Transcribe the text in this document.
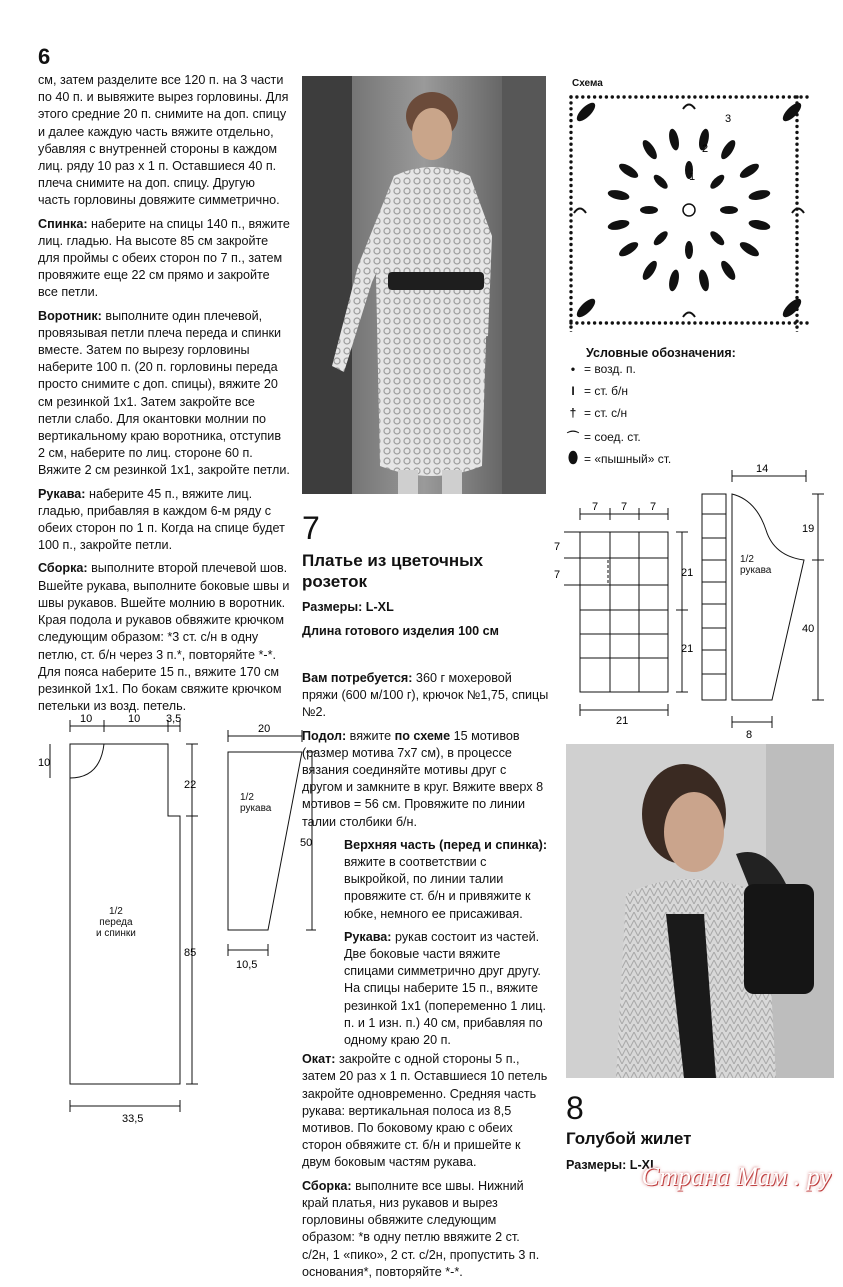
6

см, затем разделите все 120 п. на 3 части по 40 п. и вывяжите вырез горловины. Для этого средние 20 п. снимите на доп. спицу и далее каждую часть вяжите отдельно, убавляя с внутренней стороны в каждом лиц. ряду 10 раз х 1 п. Оставшиеся 40 п. плеча снимите на доп. спицу. Другую часть горловины довяжите симметрично.

Спинка: наберите на спицы 140 п., вяжите лиц. гладью. На высоте 85 см закройте для проймы с обеих сторон по 7 п., затем провяжите еще 22 см прямо и закройте все петли.

Воротник: выполните один плечевой, провязывая петли плеча переда и спинки вместе. Затем по вырезу горловины наберите 100 п. (20 п. горловины переда просто снимите с доп. спицы), вяжите 20 см резинкой 1х1. Затем закройте все петли слабо. Для окантовки молнии по вертикальному краю воротника, отступив 2 см, наберите по лиц. стороне 60 п. Вяжите 2 см резинкой 1х1, закройте петли.

Рукава: наберите 45 п., вяжите лиц. гладью, прибавляя в каждом 6-м ряду с обеих сторон по 1 п. Когда на спице будет 100 п., закройте петли.

Сборка: выполните второй плечевой шов. Вшейте рукава, выполните боковые швы и швы рукавов. Вшейте молнию в воротник. Края подола и рукавов обвяжите крючком следующим образом: *3 ст. с/н в одну петлю, ст. б/н через 3 п.*, повторяйте *-*. Для пояса наберите 15 п., вяжите 170 см резинкой 1х1. По бокам свяжите крючком петельки из возд. петель.

7
Платье из цветочных розеток
Размеры: L-XL
Длина готового изделия 100 см

Вам потребуется: 360 г мохеровой пряжи (600 м/100 г), крючок №1,75, спицы №2.

Подол: вяжите по схеме 15 мотивов (размер мотива 7х7 см), в процессе вязания соединяйте мотивы друг с другом и замкните в круг. Вяжите вверх 8 мотивов = 56 см. Провяжите по линии талии столбики б/н.

Верхняя часть (перед и спинка): вяжите в соответствии с выкройкой, по линии талии провяжите ст. б/н и привяжите к юбке, немного ее присаживая.

Рукава: рукав состоит из частей. Две боковые части вяжите спицами симметрично друг другу. На спицы наберите 15 п., вяжите резинкой 1х1 (попеременно 1 лиц. п. и 1 изн. п.) 40 см, прибавляя по одному краю 20 п.

Окат: закройте с одной стороны 5 п., затем 20 раз х 1 п. Оставшиеся 10 петель закройте одновременно. Средняя часть рукава: вертикальная полоса из 8,5 мотивов. По боковому краю с обеих сторон обвяжите ст. б/н и пришейте к двум боковым частям рукава.

Сборка: выполните все швы. Нижний край платья, низ рукавов и вырез горловины обвяжите следующим образом: *в одну петлю ввяжите 2 ст. с/2н, 1 «пико», 2 ст. с/2н, пропустить 3 п. основания*, повторяйте *-*.

Схема
3
2
1
Условные обозначения:
• = возд. п.
I = ст. б/н
† = ст. с/н
⌒ = соед. ст.
⬮ = «пышный» ст.
7 7 7
7
7	21
21
21
14
19
40
8
1/2
рукава
10	10 3,5
10
22
85
33,5
1/2
переда
и спинки
20
50
10,5
1/2
рукава
8
Голубой жилет
Размеры: L-XL
Страна Мам . ру
